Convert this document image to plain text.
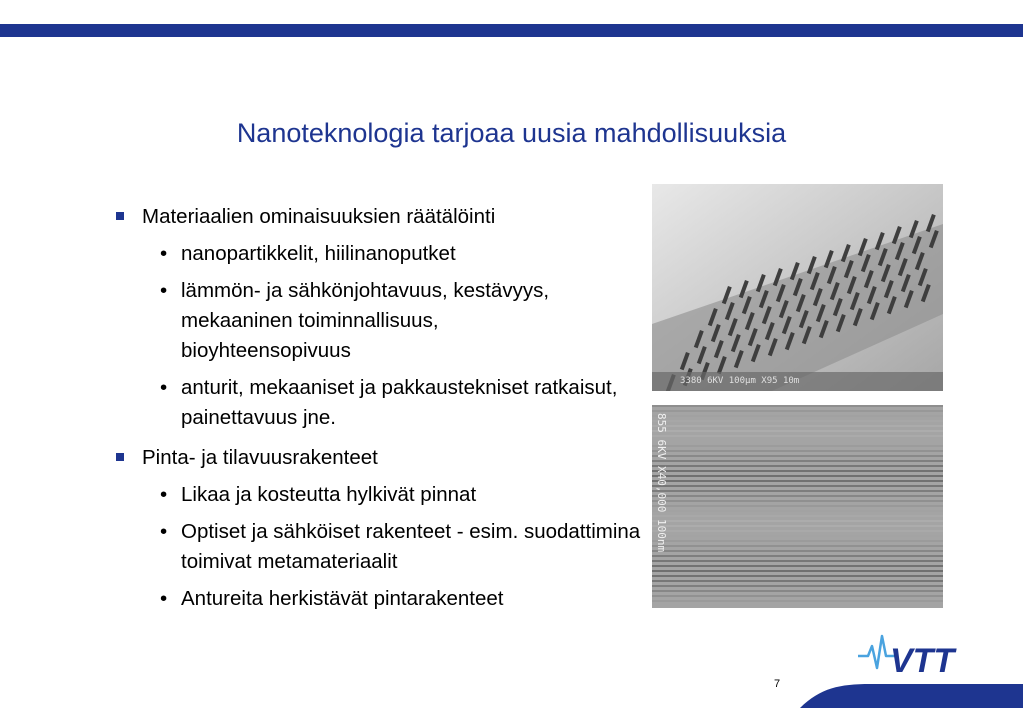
Nanoteknologia tarjoaa uusia mahdollisuuksia
Materiaalien ominaisuuksien räätälöinti
• nanopartikkelit, hiilinanoputket
• lämmön- ja sähkönjohtavuus, kestävyys, mekaaninen toiminnallisuus, bioyhteensopivuus
• anturit, mekaaniset ja pakkaustekniset ratkaisut, painettavuus jne.
Pinta- ja tilavuusrakenteet
• Likaa ja kosteutta hylkivät pinnat
• Optiset ja sähköiset rakenteet - esim. suodattimina toimivat metamateriaalit
• Antureita herkistävät pintarakenteet
3380 6KV 100μm X95 10m
855 6KV X40,000 100nm
VTT
7
